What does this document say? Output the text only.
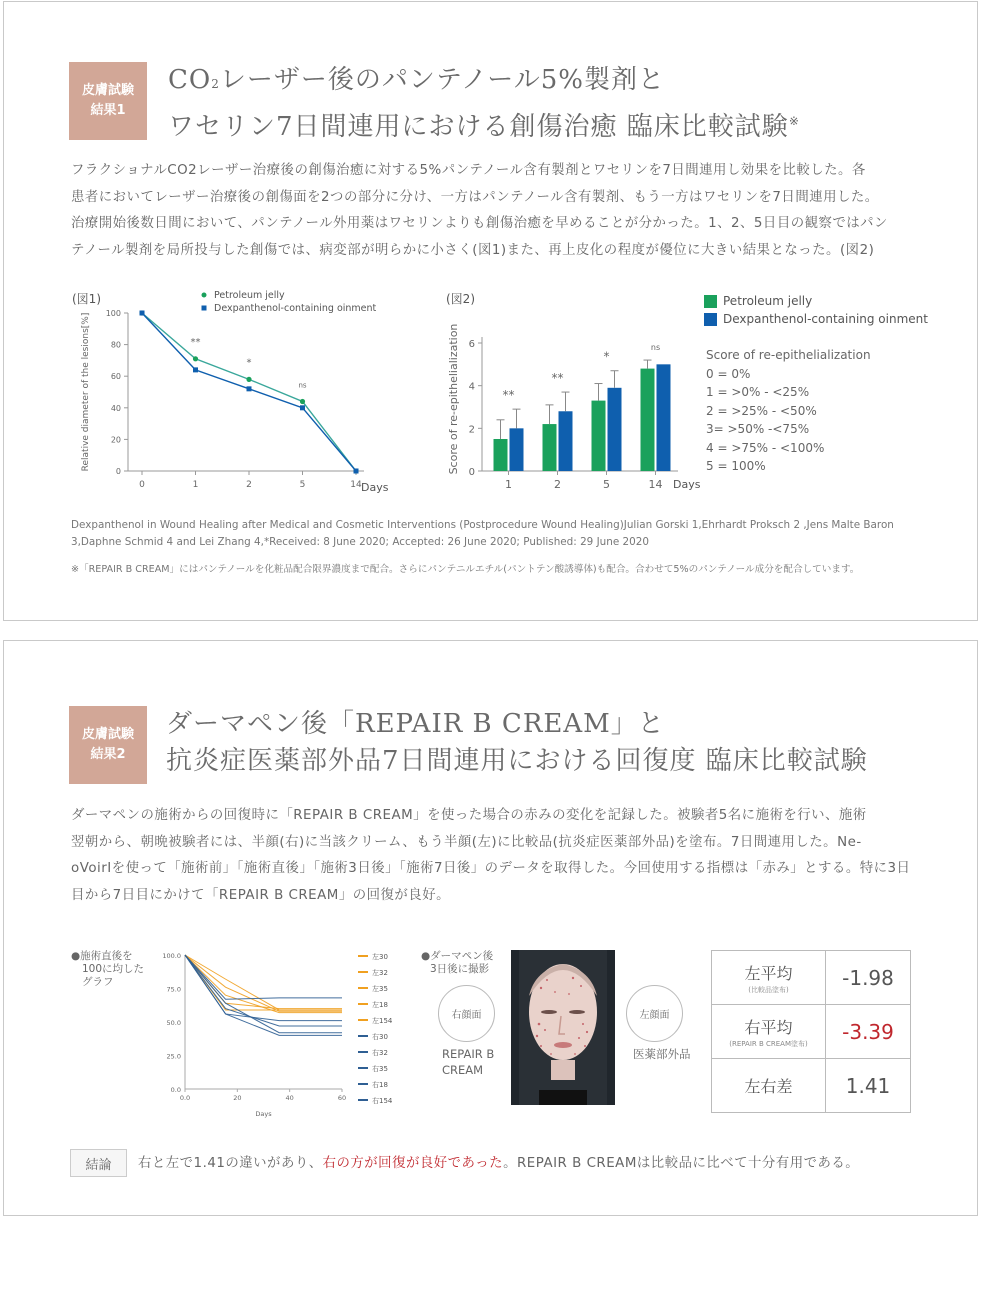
皮膚試験
結果1
CO2レーザー後のパンテノール5%製剤と
ワセリン7日間連用における創傷治癒 臨床比較試験※

フラクショナルCO2レーザー治療後の創傷治癒に対する5%パンテノール含有製剤とワセリンを7日間連用し効果を比較した。各

患者においてレーザー治療後の創傷面を2つの部分に分け、一方はパンテノール含有製剤、もう一方はワセリンを7日間連用した。

治療開始後数日間において、パンテノール外用薬はワセリンよりも創傷治癒を早めることが分かった。1、2、5日目の観察ではパン

テノール製剤を局所投与した創傷では、病変部が明らかに小さく(図1)また、再上皮化の程度が優位に大きい結果となった。(図2)

(図1)
0
20
40
60
80
100
0	1	2	5	14 Days
Relative diameter of the lesions[%]
Petroleum jelly
Dexpanthenol-containing oinment
**
*
ns
(図2)
0
2
4
6
Score of re-epithelialization
1
**
2
**
5
*
14
ns
Days
Petroleum jelly
Dexpanthenol-containing oinment

Score of re-epithelialization

0 = 0%

1 = >0% - <25%

2 = >25% - <50%

3= >50% -<75%

4 = >75% - <100%

5 = 100%

Dexpanthenol in Wound Healing after Medical and Cosmetic Interventions (Postprocedure Wound Healing)Julian Gorski 1,Ehrhardt Proksch 2 ,Jens Malte Baron

3,Daphne Schmid 4 and Lei Zhang 4,*Received: 8 June 2020; Accepted: 26 June 2020; Published: 29 June 2020

※「REPAIR B CREAM」にはパンテノールを化粧品配合限界濃度まで配合。さらにパンテニルエチル(パントテン酸誘導体)も配合。合わせて5%のパンテノール成分を配合しています。
皮膚試験
結果2
ダーマペン後「REPAIR B CREAM」と
抗炎症医薬部外品7日間連用における回復度 臨床比較試験

ダーマペンの施術からの回復時に「REPAIR B CREAM」を使った場合の赤みの変化を記録した。被験者5名に施術を行い、施術

翌朝から、朝晩被験者には、半顔(右)に当該クリーム、もう半顔(左)に比較品(抗炎症医薬部外品)を塗布。7日間連用した。Ne-

oVoirIを使って「施術前」「施術直後」「施術3日後」「施術7日後」のデータを取得した。今回使用する指標は「赤み」とする。特に3日

目から7日目にかけて「REPAIR B CREAM」の回復が良好。

●施術直後を

100に均した

グラフ

0.0
25.0
50.0
75.0
100.0
0.0	20	40	60
Days
左30
左32
左35
左18
左154
右30
右32
右35
右18
右154

●ダーマペン後

3日後に撮影

右顔面	左顔面

REPAIR B

CREAM

医薬部外品

左平均
(比較品塗布)	-1.98
右平均
(REPAIR B CREAM塗布)	-3.39
左右差	1.41
結論	右と左で1.41の違いがあり、右の方が回復が良好であった。REPAIR B CREAMは比較品に比べて十分有用である。
